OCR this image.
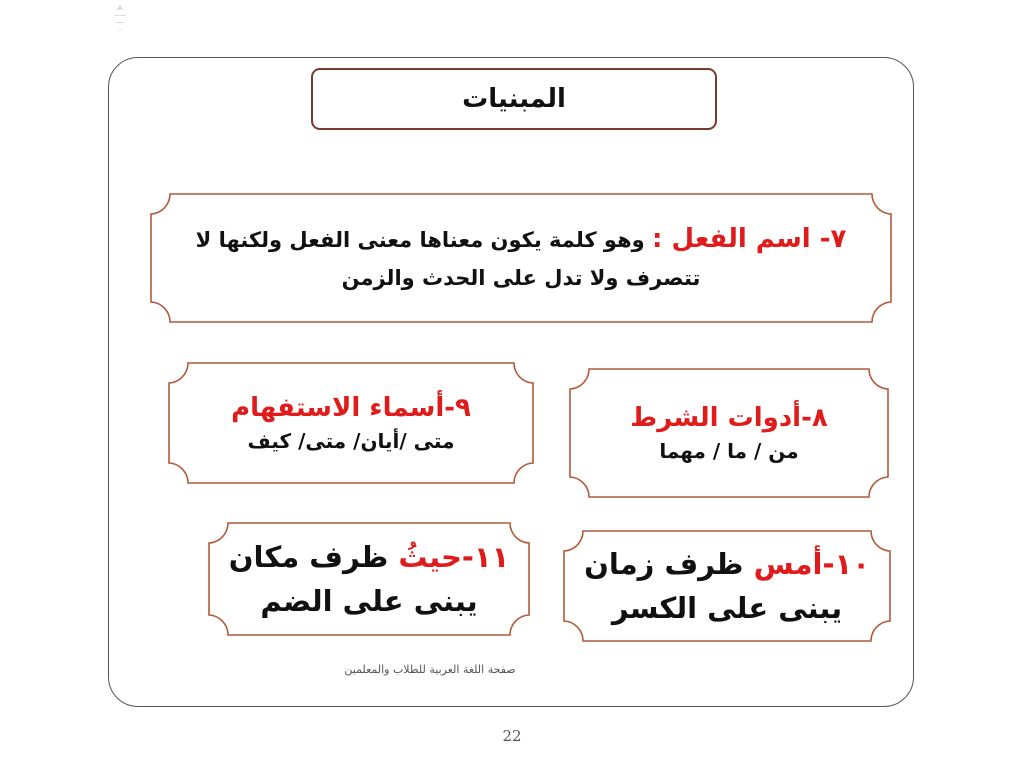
⁂
—·—
——
···
المبنيات
٧- اسم الفعل : وهو كلمة يكون معناها معنى الفعل ولكنها لا
تتصرف ولا تدل على الحدث والزمن
٩-أسماء الاستفهام
متى /أيان/ متى/ كيف
٨-أدوات الشرط
من / ما / مهما
١١-حيثُ ظرف مكان
يبنى على الضم
١٠-أمس ظرف زمان
يبنى على الكسر
صفحة اللغة العربية للطلاب والمعلمين
22
